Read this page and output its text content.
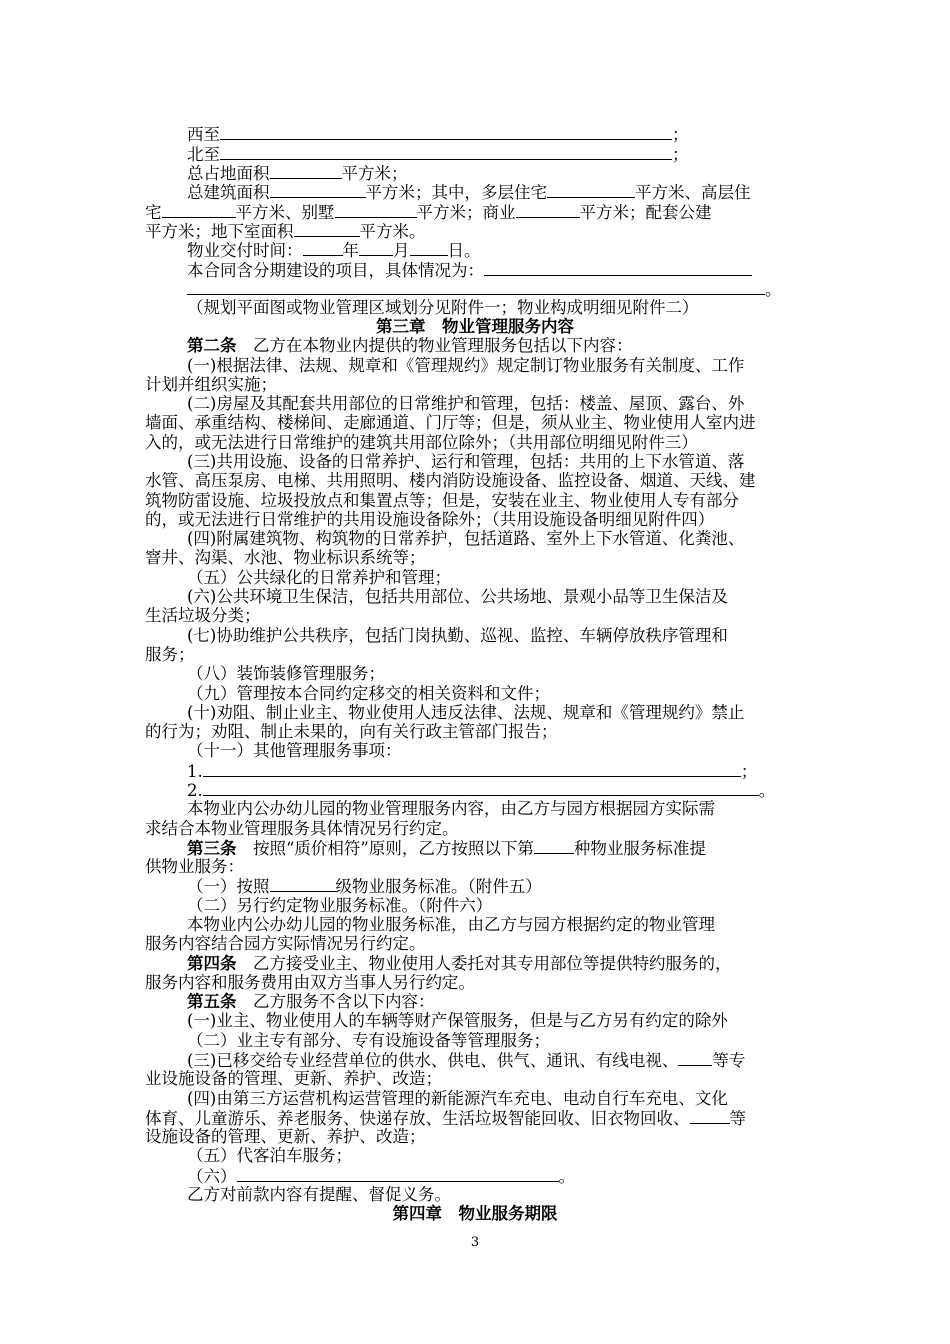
西至	；
北至	；
总占地面积	平方米；
总建筑面积	平方米；其中，多层住宅	平方米、高层住
宅	平方米、别墅	平方米；商业	平方米；配套公建
平方米；地下室面积	平方米。
物业交付时间： 年 月 日。
本合同含分期建设的项目，具体情况为：
。
（规划平面图或物业管理区域划分见附件一；物业构成明细见附件二）
第三章　物业管理服务内容
第二条　乙方在本物业内提供的物业管理服务包括以下内容：
(一)根据法律、法规、规章和《管理规约》规定制订物业服务有关制度、工作
计划并组织实施；
(二)房屋及其配套共用部位的日常维护和管理，包括：楼盖、屋顶、露台、外
墙面、承重结构、楼梯间、走廊通道、门厅等；但是，须从业主、物业使用人室内进
入的，或无法进行日常维护的建筑共用部位除外；（共用部位明细见附件三）
(三)共用设施、设备的日常养护、运行和管理，包括：共用的上下水管道、落
水管、高压泵房、电梯、共用照明、楼内消防设施设备、监控设备、烟道、天线、建
筑物防雷设施、垃圾投放点和集置点等；但是，安装在业主、物业使用人专有部分
的，或无法进行日常维护的共用设施设备除外；（共用设施设备明细见附件四）
(四)附属建筑物、构筑物的日常养护，包括道路、室外上下水管道、化粪池、
窨井、沟渠、水池、物业标识系统等；
（五）公共绿化的日常养护和管理；
(六)公共环境卫生保洁，包括共用部位、公共场地、景观小品等卫生保洁及
生活垃圾分类；
(七)协助维护公共秩序，包括门岗执勤、巡视、监控、车辆停放秩序管理和
服务；
（八）装饰装修管理服务；
（九）管理按本合同约定移交的相关资料和文件；
(十)劝阻、制止业主、物业使用人违反法律、法规、规章和《管理规约》禁止
的行为；劝阻、制止未果的，向有关行政主管部门报告；
（十一）其他管理服务事项：
1.	；
2.	。
本物业内公办幼儿园的物业管理服务内容，由乙方与园方根据园方实际需
求结合本物业管理服务具体情况另行约定。
第三条　按照“质价相符”原则，乙方按照以下第 种物业服务标准提
供物业服务：
（一）按照	级物业服务标准。（附件五）
（二）另行约定物业服务标准。（附件六）
本物业内公办幼儿园的物业服务标准，由乙方与园方根据约定的物业管理
服务内容结合园方实际情况另行约定。
第四条　乙方接受业主、物业使用人委托对其专用部位等提供特约服务的，
服务内容和服务费用由双方当事人另行约定。
第五条　乙方服务不含以下内容：
(一)业主、物业使用人的车辆等财产保管服务，但是与乙方另有约定的除外
（二）业主专有部分、专有设施设备等管理服务；
(三)已移交给专业经营单位的供水、供电、供气、通讯、有线电视、 等专
业设施设备的管理、更新、养护、改造；
(四)由第三方运营机构运营管理的新能源汽车充电、电动自行车充电、文化
体育、儿童游乐、养老服务、快递存放、生活垃圾智能回收、旧衣物回收、 等
设施设备的管理、更新、养护、改造；
（五）代客泊车服务；
（六）	。
乙方对前款内容有提醒、督促义务。
第四章　物业服务期限
3
